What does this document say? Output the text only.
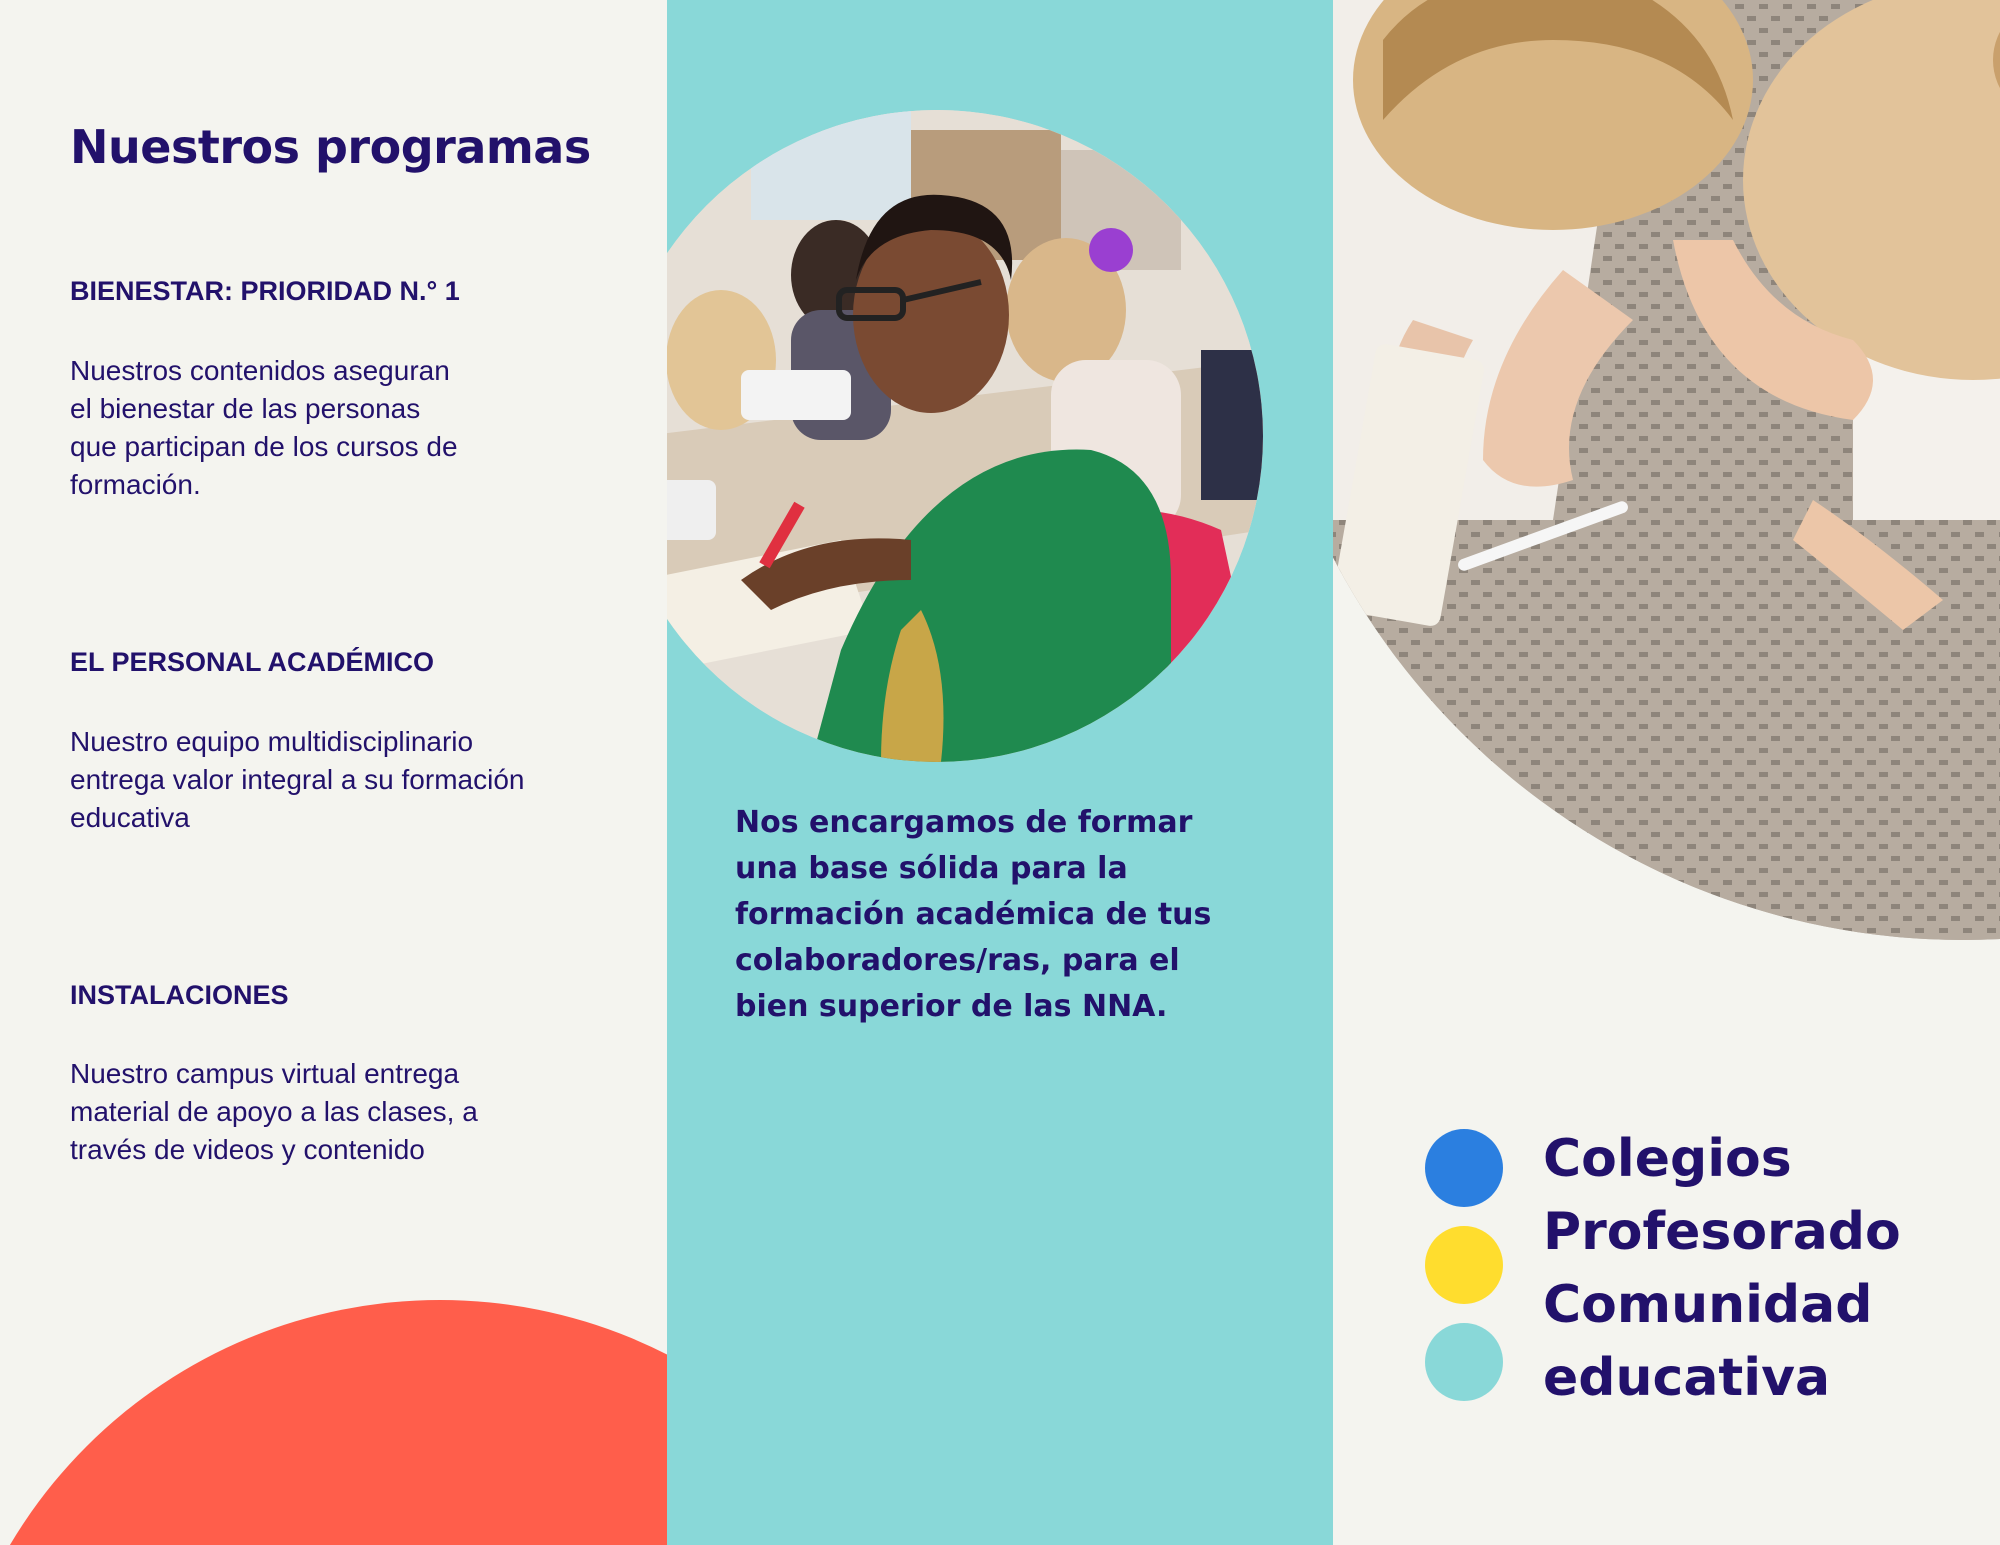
Nuestros programas
BIENESTAR: PRIORIDAD N.° 1
Nuestros contenidos aseguran
el bienestar de las personas
que participan de los cursos de
formación.
EL PERSONAL ACADÉMICO
Nuestro equipo multidisciplinario
entrega valor integral a su formación
educativa
INSTALACIONES
Nuestro campus virtual entrega
material de apoyo a las clases, a
través de videos y contenido
Nos encargamos de formar
una base sólida para la
formación académica de tus
colaboradores/ras, para el
bien superior de las NNA.
Colegios
Profesorado
Comunidad
educativa
